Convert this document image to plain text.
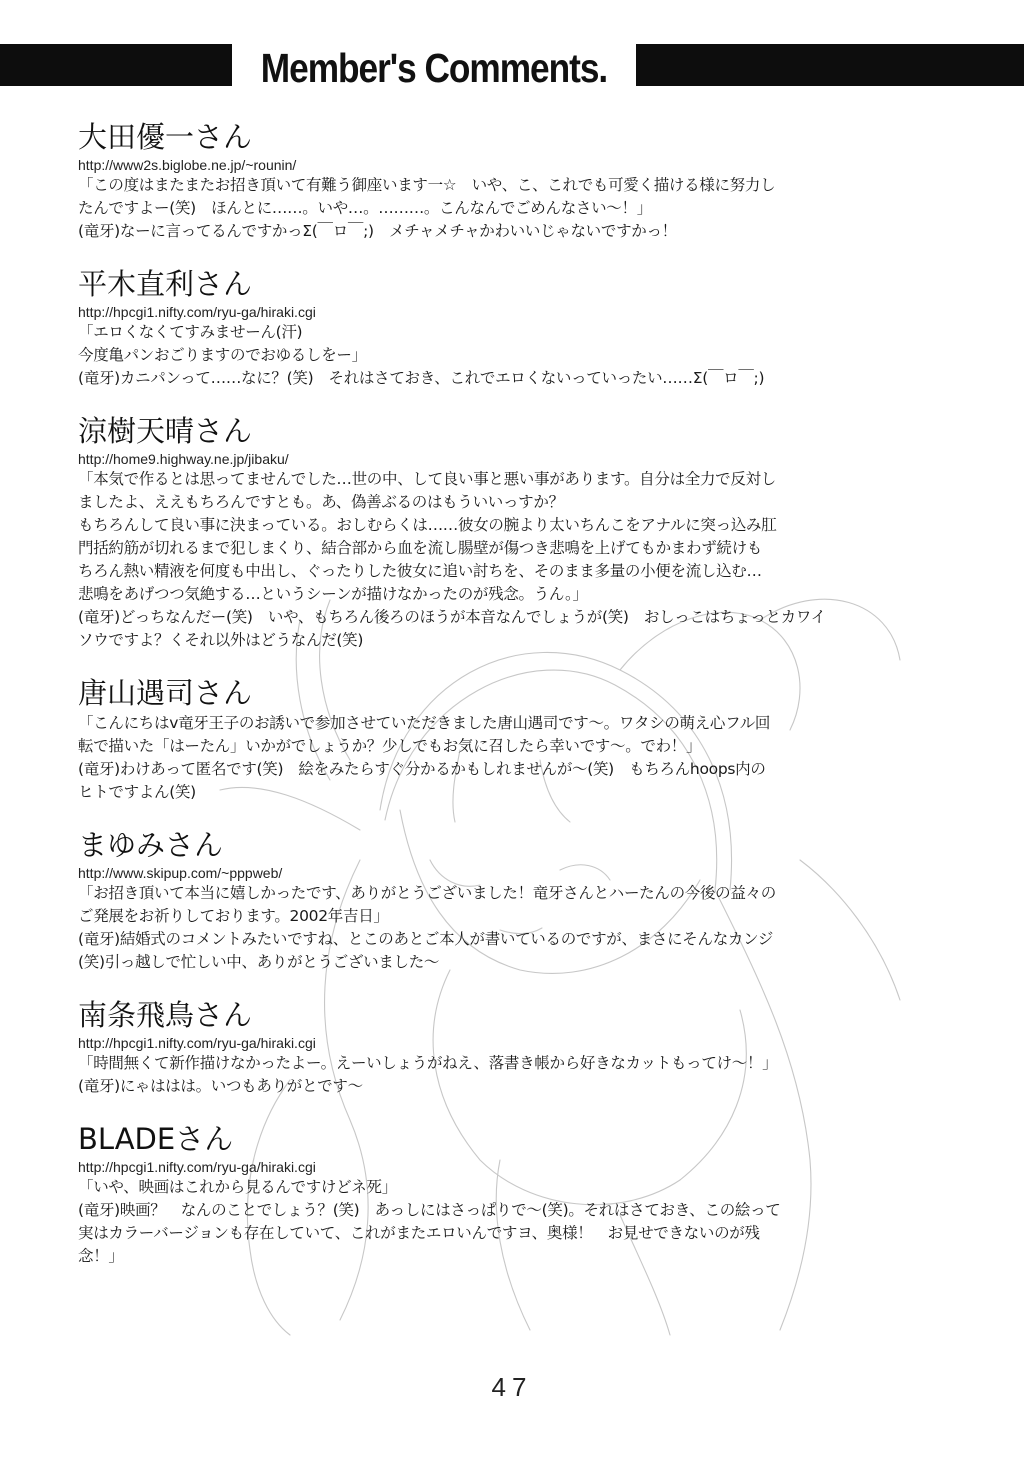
Member's Comments.
大田優一さん
http://www2s.biglobe.ne.jp/~rounin/
「この度はまたまたお招き頂いて有難う御座います一☆　いや、こ、これでも可愛く描ける様に努力し
たんですよー(笑)　ほんとに……。いや…。………。こんなんでごめんなさい～！」
(竜牙)なーに言ってるんですかっΣ(￣ロ￣;)　メチャメチャかわいいじゃないですかっ！
平木直利さん
http://hpcgi1.nifty.com/ryu-ga/hiraki.cgi
「エロくなくてすみませーん(汗)
今度亀パンおごりますのでおゆるしをー」
(竜牙)カニパンって……なに？(笑)　それはさておき、これでエロくないっていったい……Σ(￣ロ￣;)
涼樹天晴さん
http://home9.highway.ne.jp/jibaku/
「本気で作るとは思ってませんでした…世の中、して良い事と悪い事があります。自分は全力で反対し
ましたよ、ええもちろんですとも。あ、偽善ぶるのはもういいっすか？
もちろんして良い事に決まっている。おしむらくは……彼女の腕より太いちんこをアナルに突っ込み肛
門括約筋が切れるまで犯しまくり、結合部から血を流し腸壁が傷つき悲鳴を上げてもかまわず続けも
ちろん熱い精液を何度も中出し、ぐったりした彼女に追い討ちを、そのまま多量の小便を流し込む…
悲鳴をあげつつ気絶する…というシーンが描けなかったのが残念。うん。」
(竜牙)どっちなんだー(笑)　いや、もちろん後ろのほうが本音なんでしょうが(笑)　おしっこはちょっとカワイ
ソウですよ？くそれ以外はどうなんだ(笑)
唐山遇司さん
「こんにちはv竜牙王子のお誘いで参加させていただきました唐山遇司です～。ワタシの萌え心フル回
転で描いた「はーたん」いかがでしょうか？少しでもお気に召したら幸いです～。でわ！」
(竜牙)わけあって匿名です(笑)　絵をみたらすぐ分かるかもしれませんが～(笑)　もちろんhoops内の
ヒトですよん(笑)
まゆみさん
http://www.skipup.com/~pppweb/
「お招き頂いて本当に嬉しかったです、ありがとうございました！竜牙さんとハーたんの今後の益々の
ご発展をお祈りしております。2002年吉日」
(竜牙)結婚式のコメントみたいですね、とこのあとご本人が書いているのですが、まさにそんなカンジ
(笑)引っ越しで忙しい中、ありがとうございました～
南条飛鳥さん
http://hpcgi1.nifty.com/ryu-ga/hiraki.cgi
「時間無くて新作描けなかったよー。えーいしょうがねえ、落書き帳から好きなカットもってけ～！」
(竜牙)にゃははは。いつもありがとです～
BLADEさん
http://hpcgi1.nifty.com/ryu-ga/hiraki.cgi
「いや、映画はこれから見るんですけどネ死」
(竜牙)映画？　なんのことでしょう？(笑)　あっしにはさっぱりで～(笑)。それはさておき、この絵って
実はカラーバージョンも存在していて、これがまたエロいんですヨ、奥様！　お見せできないのが残
念！」
47
